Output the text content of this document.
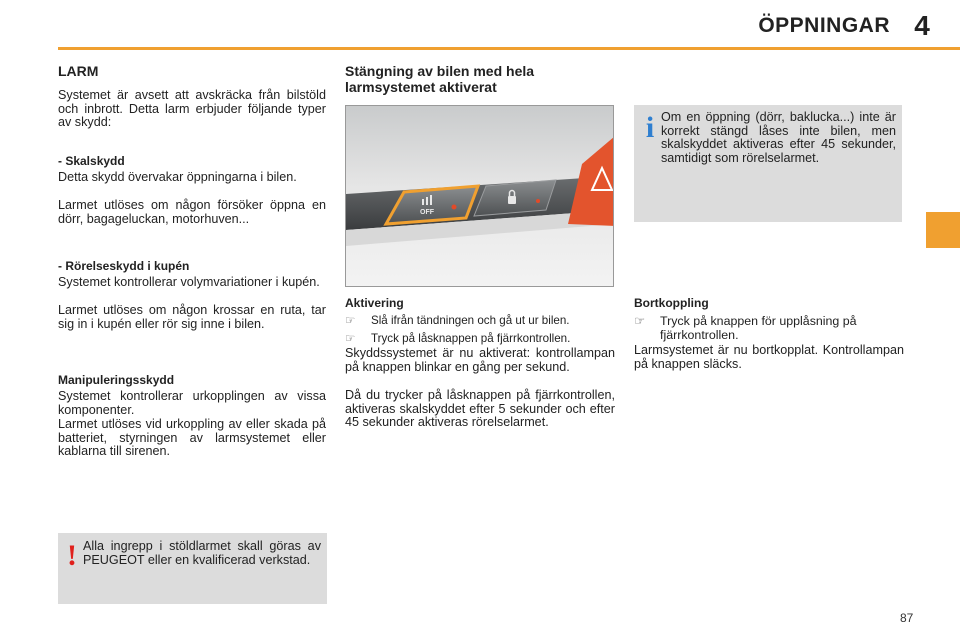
ÖPPNINGAR 4
LARM

Systemet är avsett att avskräcka från bilstöld och inbrott. Detta larm erbjuder följande typer av skydd:

- Skalskydd

Detta skydd övervakar öppningarna i bilen.

Larmet utlöses om någon försöker öppna en dörr, bagageluckan, motorhuven...

- Rörelseskydd i kupén

Systemet kontrollerar volymvariationer i kupén.

Larmet utlöses om någon krossar en ruta, tar sig in i kupén eller rör sig inne i bilen.

Manipuleringsskydd

Systemet kontrollerar urkopplingen av vissa komponenter.

Larmet utlöses vid urkoppling av eller skada på batteriet, styrningen av larmsystemet eller kablarna till sirenen.

! Alla ingrepp i stöldlarmet skall göras av PEUGEOT eller en kvalificerad verkstad.

Stängning av bilen med hela larmsystemet aktiverat
OFF
Aktivering
☞	Slå ifrån tändningen och gå ut ur bilen.
☞	Tryck på låsknappen på fjärrkontrollen.

Skyddssystemet är nu aktiverat: kontrollampan på knappen blinkar en gång per sekund.

Då du trycker på låsknappen på fjärrkontrollen, aktiveras skalskyddet efter 5 sekunder och efter 45 sekunder aktiveras rörelselarmet.

i Om en öppning (dörr, baklucka...) inte är korrekt stängd låses inte bilen, men skalskyddet aktiveras efter 45 sekunder, samtidigt som rörelselarmet.

Bortkoppling
☞	Tryck på knappen för upplåsning på fjärrkontrollen.

Larmsystemet är nu bortkopplat. Kontrollampan på knappen släcks.

87
